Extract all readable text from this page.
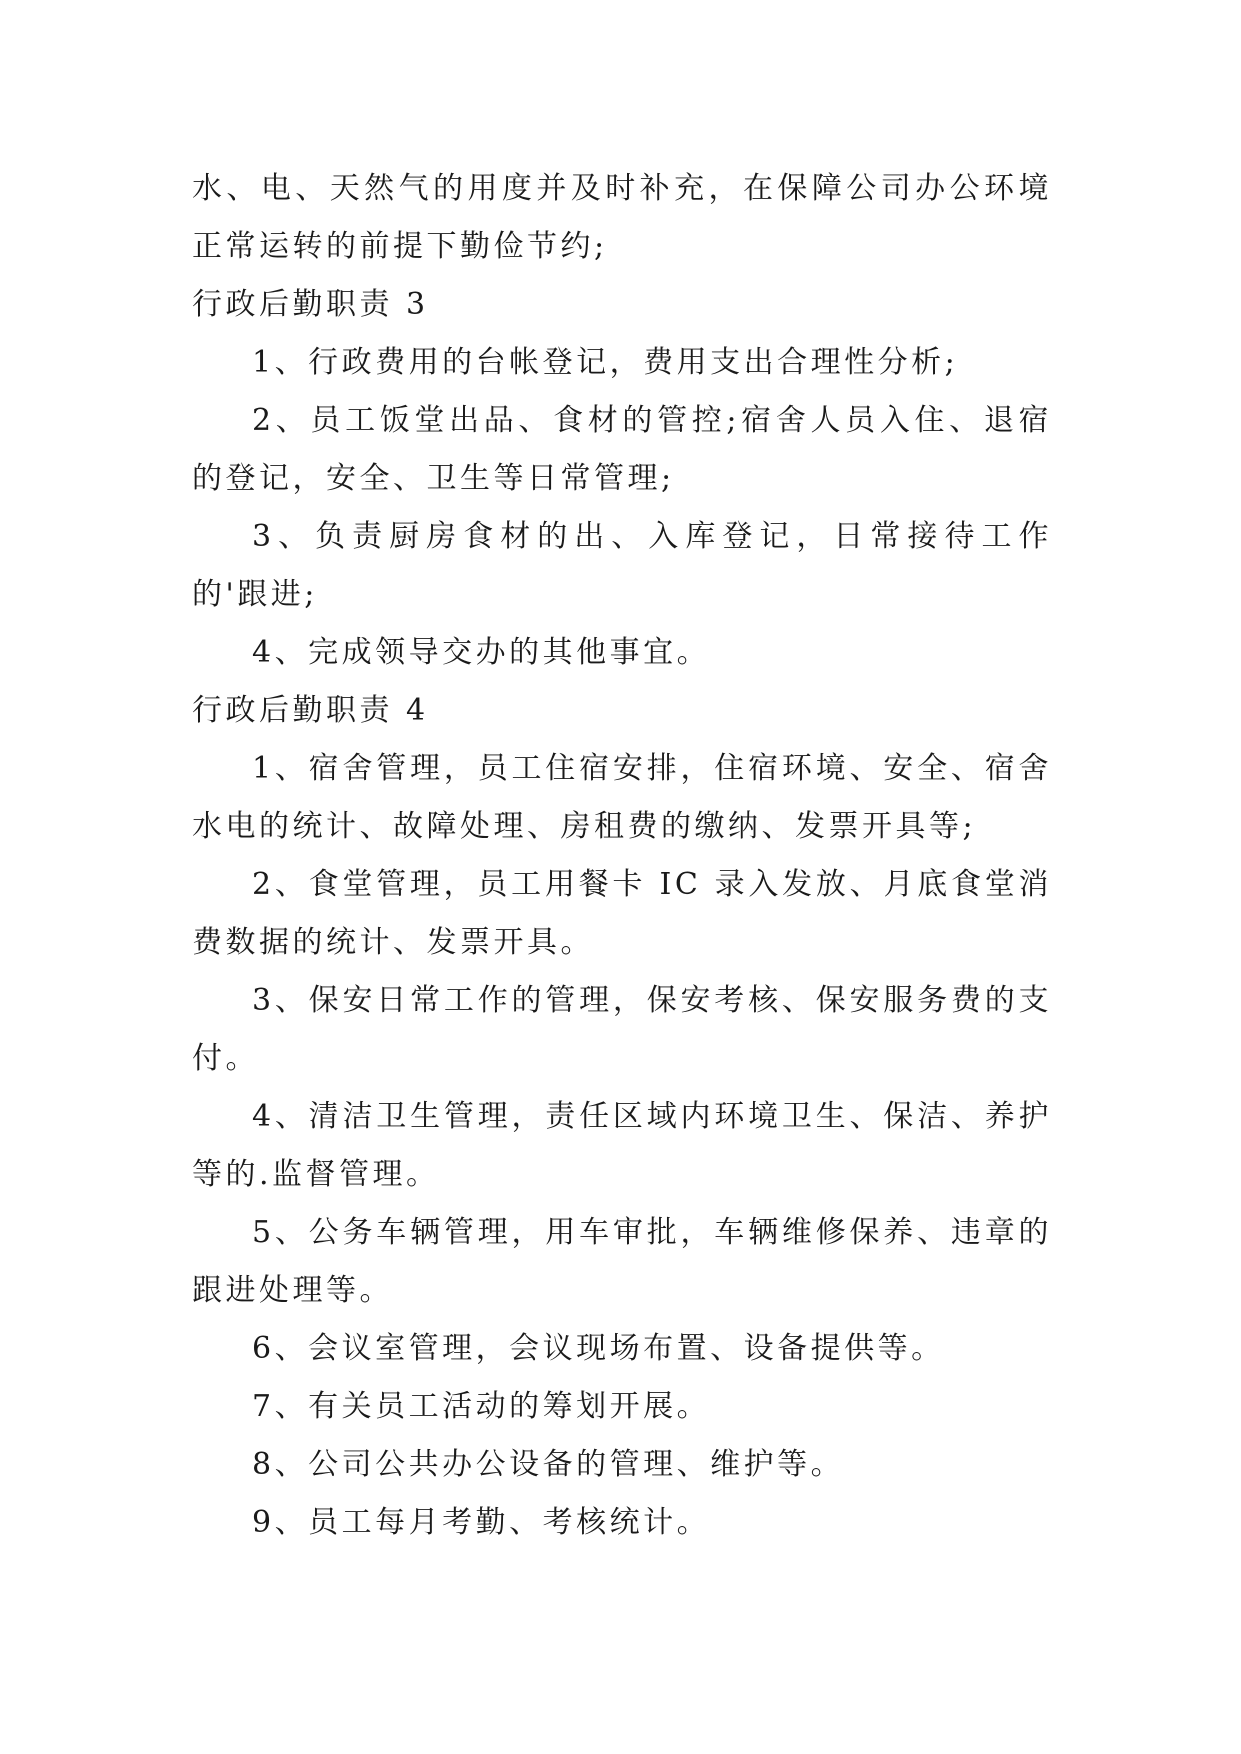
水、电、天然气的用度并及时补充，在保障公司办公环境正常运转的前提下勤俭节约;

行政后勤职责 3

1、行政费用的台帐登记，费用支出合理性分析;

2、员工饭堂出品、食材的管控;宿舍人员入住、退宿的登记，安全、卫生等日常管理;

3、负责厨房食材的出、入库登记，日常接待工作的'跟进;

4、完成领导交办的其他事宜。

行政后勤职责 4

1、宿舍管理，员工住宿安排，住宿环境、安全、宿舍水电的统计、故障处理、房租费的缴纳、发票开具等;

2、食堂管理，员工用餐卡 IC 录入发放、月底食堂消费数据的统计、发票开具。

3、保安日常工作的管理，保安考核、保安服务费的支付。

4、清洁卫生管理，责任区域内环境卫生、保洁、养护等的.监督管理。

5、公务车辆管理，用车审批，车辆维修保养、违章的跟进处理等。

6、会议室管理，会议现场布置、设备提供等。

7、有关员工活动的筹划开展。

8、公司公共办公设备的管理、维护等。

9、员工每月考勤、考核统计。
